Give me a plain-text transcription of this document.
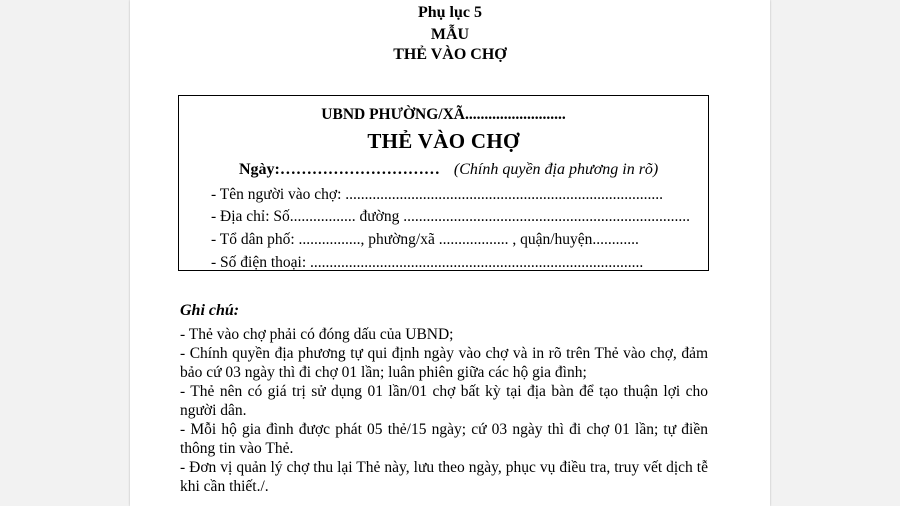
Phụ lục 5
MẪU
THẺ VÀO CHỢ
UBND PHƯỜNG/XÃ..........................
THẺ VÀO CHỢ
Ngày:………………………… (Chính quyền địa phương in rõ)
- Tên người vào chợ: ..................................................................................
- Địa chỉ: Số................. đường ..........................................................................
- Tổ dân phố: ................, phường/xã .................. , quận/huyện............
- Số điện thoại: ......................................................................................
Ghi chú:
- Thẻ vào chợ phải có đóng dấu của UBND;
- Chính quyền địa phương tự qui định ngày vào chợ và in rõ trên Thẻ vào chợ, đảm bảo cứ 03 ngày thì đi chợ 01 lần; luân phiên giữa các hộ gia đình;
- Thẻ nên có giá trị sử dụng 01 lần/01 chợ bất kỳ tại địa bàn để tạo thuận lợi cho người dân.
- Mỗi hộ gia đình được phát 05 thẻ/15 ngày; cứ 03 ngày thì đi chợ 01 lần; tự điền thông tin vào Thẻ.
- Đơn vị quản lý chợ thu lại Thẻ này, lưu theo ngày, phục vụ điều tra, truy vết dịch tễ khi cần thiết./.
